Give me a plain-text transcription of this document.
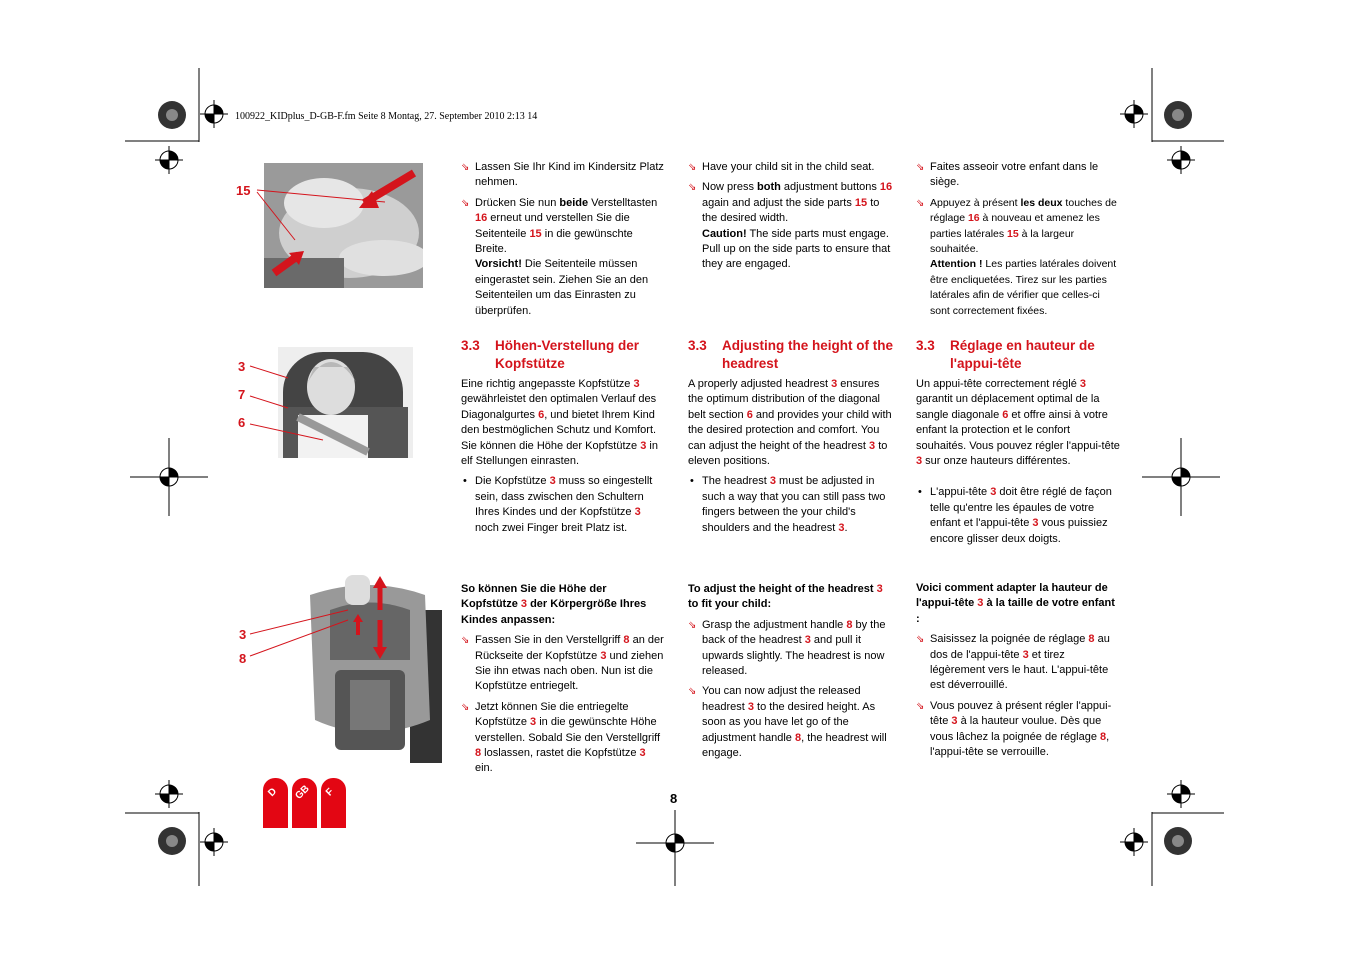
100922_KIDplus_D-GB-F.fm Seite 8 Montag, 27. September 2010 2:13 14
15
3
7
6
3
8
D GB F	8
⇘ Lassen Sie Ihr Kind im Kindersitz Platz nehmen.
⇘ Drücken Sie nun beide Verstelltasten 16 erneut und verstellen Sie die Seitenteile 15 in die gewünschte Breite.
Vorsicht! Die Seitenteile müssen eingerastet sein. Ziehen Sie an den Seitenteilen um das Einrasten zu überprüfen.
3.3 Höhen-Verstellung der Kopfstütze

Eine richtig angepasste Kopfstütze 3 gewährleistet den optimalen Verlauf des Diagonalgurtes 6, und bietet Ihrem Kind den bestmöglichen Schutz und Komfort. Sie können die Höhe der Kopfstütze 3 in elf Stellungen einrasten.

• Die Kopfstütze 3 muss so eingestellt sein, dass zwischen den Schultern Ihres Kindes und der Kopfstütze 3 noch zwei Finger breit Platz ist.

So können Sie die Höhe der Kopfstütze 3 der Körpergröße Ihres Kindes anpassen:

⇘ Fassen Sie in den Verstellgriff 8 an der Rückseite der Kopfstütze 3 und ziehen Sie ihn etwas nach oben. Nun ist die Kopfstütze entriegelt.
⇘ Jetzt können Sie die entriegelte Kopfstütze 3 in die gewünschte Höhe verstellen. Sobald Sie den Verstellgriff 8 loslassen, rastet die Kopfstütze 3 ein.
⇘ Have your child sit in the child seat.
⇘ Now press both adjustment buttons 16 again and adjust the side parts 15 to the desired width.
Caution! The side parts must engage. Pull up on the side parts to ensure that they are engaged.
3.3 Adjusting the height of the headrest

A properly adjusted headrest 3 ensures the optimum distribution of the diagonal belt section 6 and provides your child with the desired protection and comfort. You can adjust the height of the headrest 3 to eleven positions.

• The headrest 3 must be adjusted in such a way that you can still pass two fingers between the your child's shoulders and the headrest 3.

To adjust the height of the headrest 3 to fit your child:

⇘ Grasp the adjustment handle 8 by the back of the headrest 3 and pull it upwards slightly. The headrest is now released.
⇘ You can now adjust the released headrest 3 to the desired height. As soon as you have let go of the adjustment handle 8, the headrest will engage.
⇘ Faites asseoir votre enfant dans le siège.
⇘ Appuyez à présent les deux touches de réglage 16 à nouveau et amenez les parties latérales 15 à la largeur souhaitée.
Attention ! Les parties latérales doivent être encliquetées. Tirez sur les parties latérales afin de vérifier que celles-ci sont correctement fixées.
3.3 Réglage en hauteur de l'appui-tête

Un appui-tête correctement réglé 3 garantit un déplacement optimal de la sangle diagonale 6 et offre ainsi à votre enfant la protection et le confort souhaités. Vous pouvez régler l'appui-tête 3 sur onze hauteurs différentes.

• L'appui-tête 3 doit être réglé de façon telle qu'entre les épaules de votre enfant et l'appui-tête 3 vous puissiez encore glisser deux doigts.

Voici comment adapter la hauteur de l'appui-tête 3 à la taille de votre enfant :

⇘ Saisissez la poignée de réglage 8 au dos de l'appui-tête 3 et tirez légèrement vers le haut. L'appui-tête est déverrouillé.
⇘ Vous pouvez à présent régler l'appui-tête 3 à la hauteur voulue. Dès que vous lâchez la poignée de réglage 8, l'appui-tête se verrouille.
